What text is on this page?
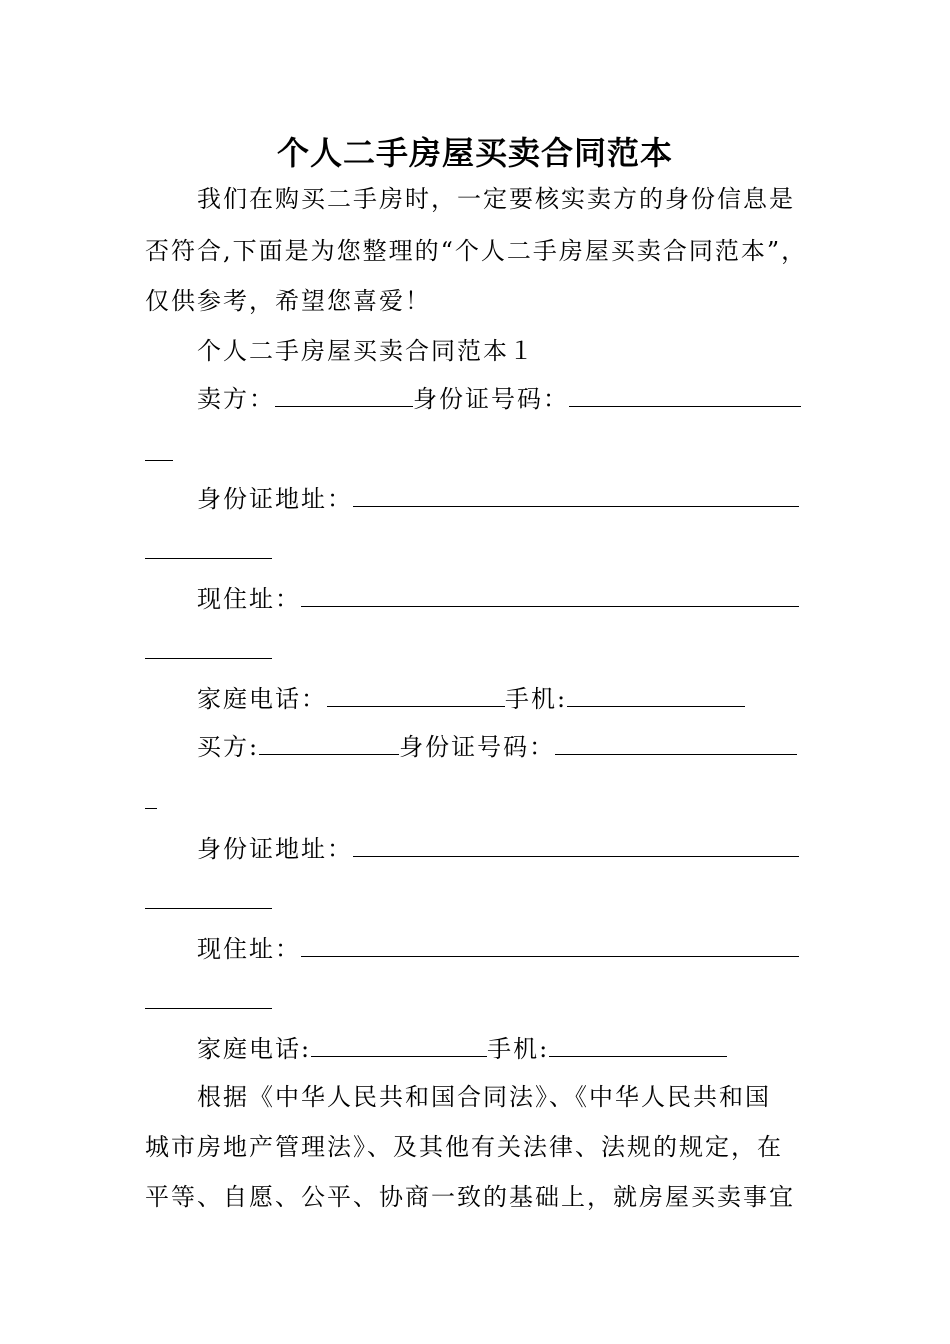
个人二手房屋买卖合同范本
我们在购买二手房时，一定要核实卖方的身份信息是
否符合,下面是为您整理的“个人二手房屋买卖合同范本”，
仅供参考，希望您喜爱！
个人二手房屋买卖合同范本１
卖方：	身份证号码：
身份证地址：
现住址：
家庭电话：	手机:
买方:	身份证号码：
身份证地址：
现住址：
家庭电话:	手机:
根据《中华人民共和国合同法》、《中华人民共和国
城市房地产管理法》、及其他有关法律、法规的规定，在
平等、自愿、公平、协商一致的基础上，就房屋买卖事宜
